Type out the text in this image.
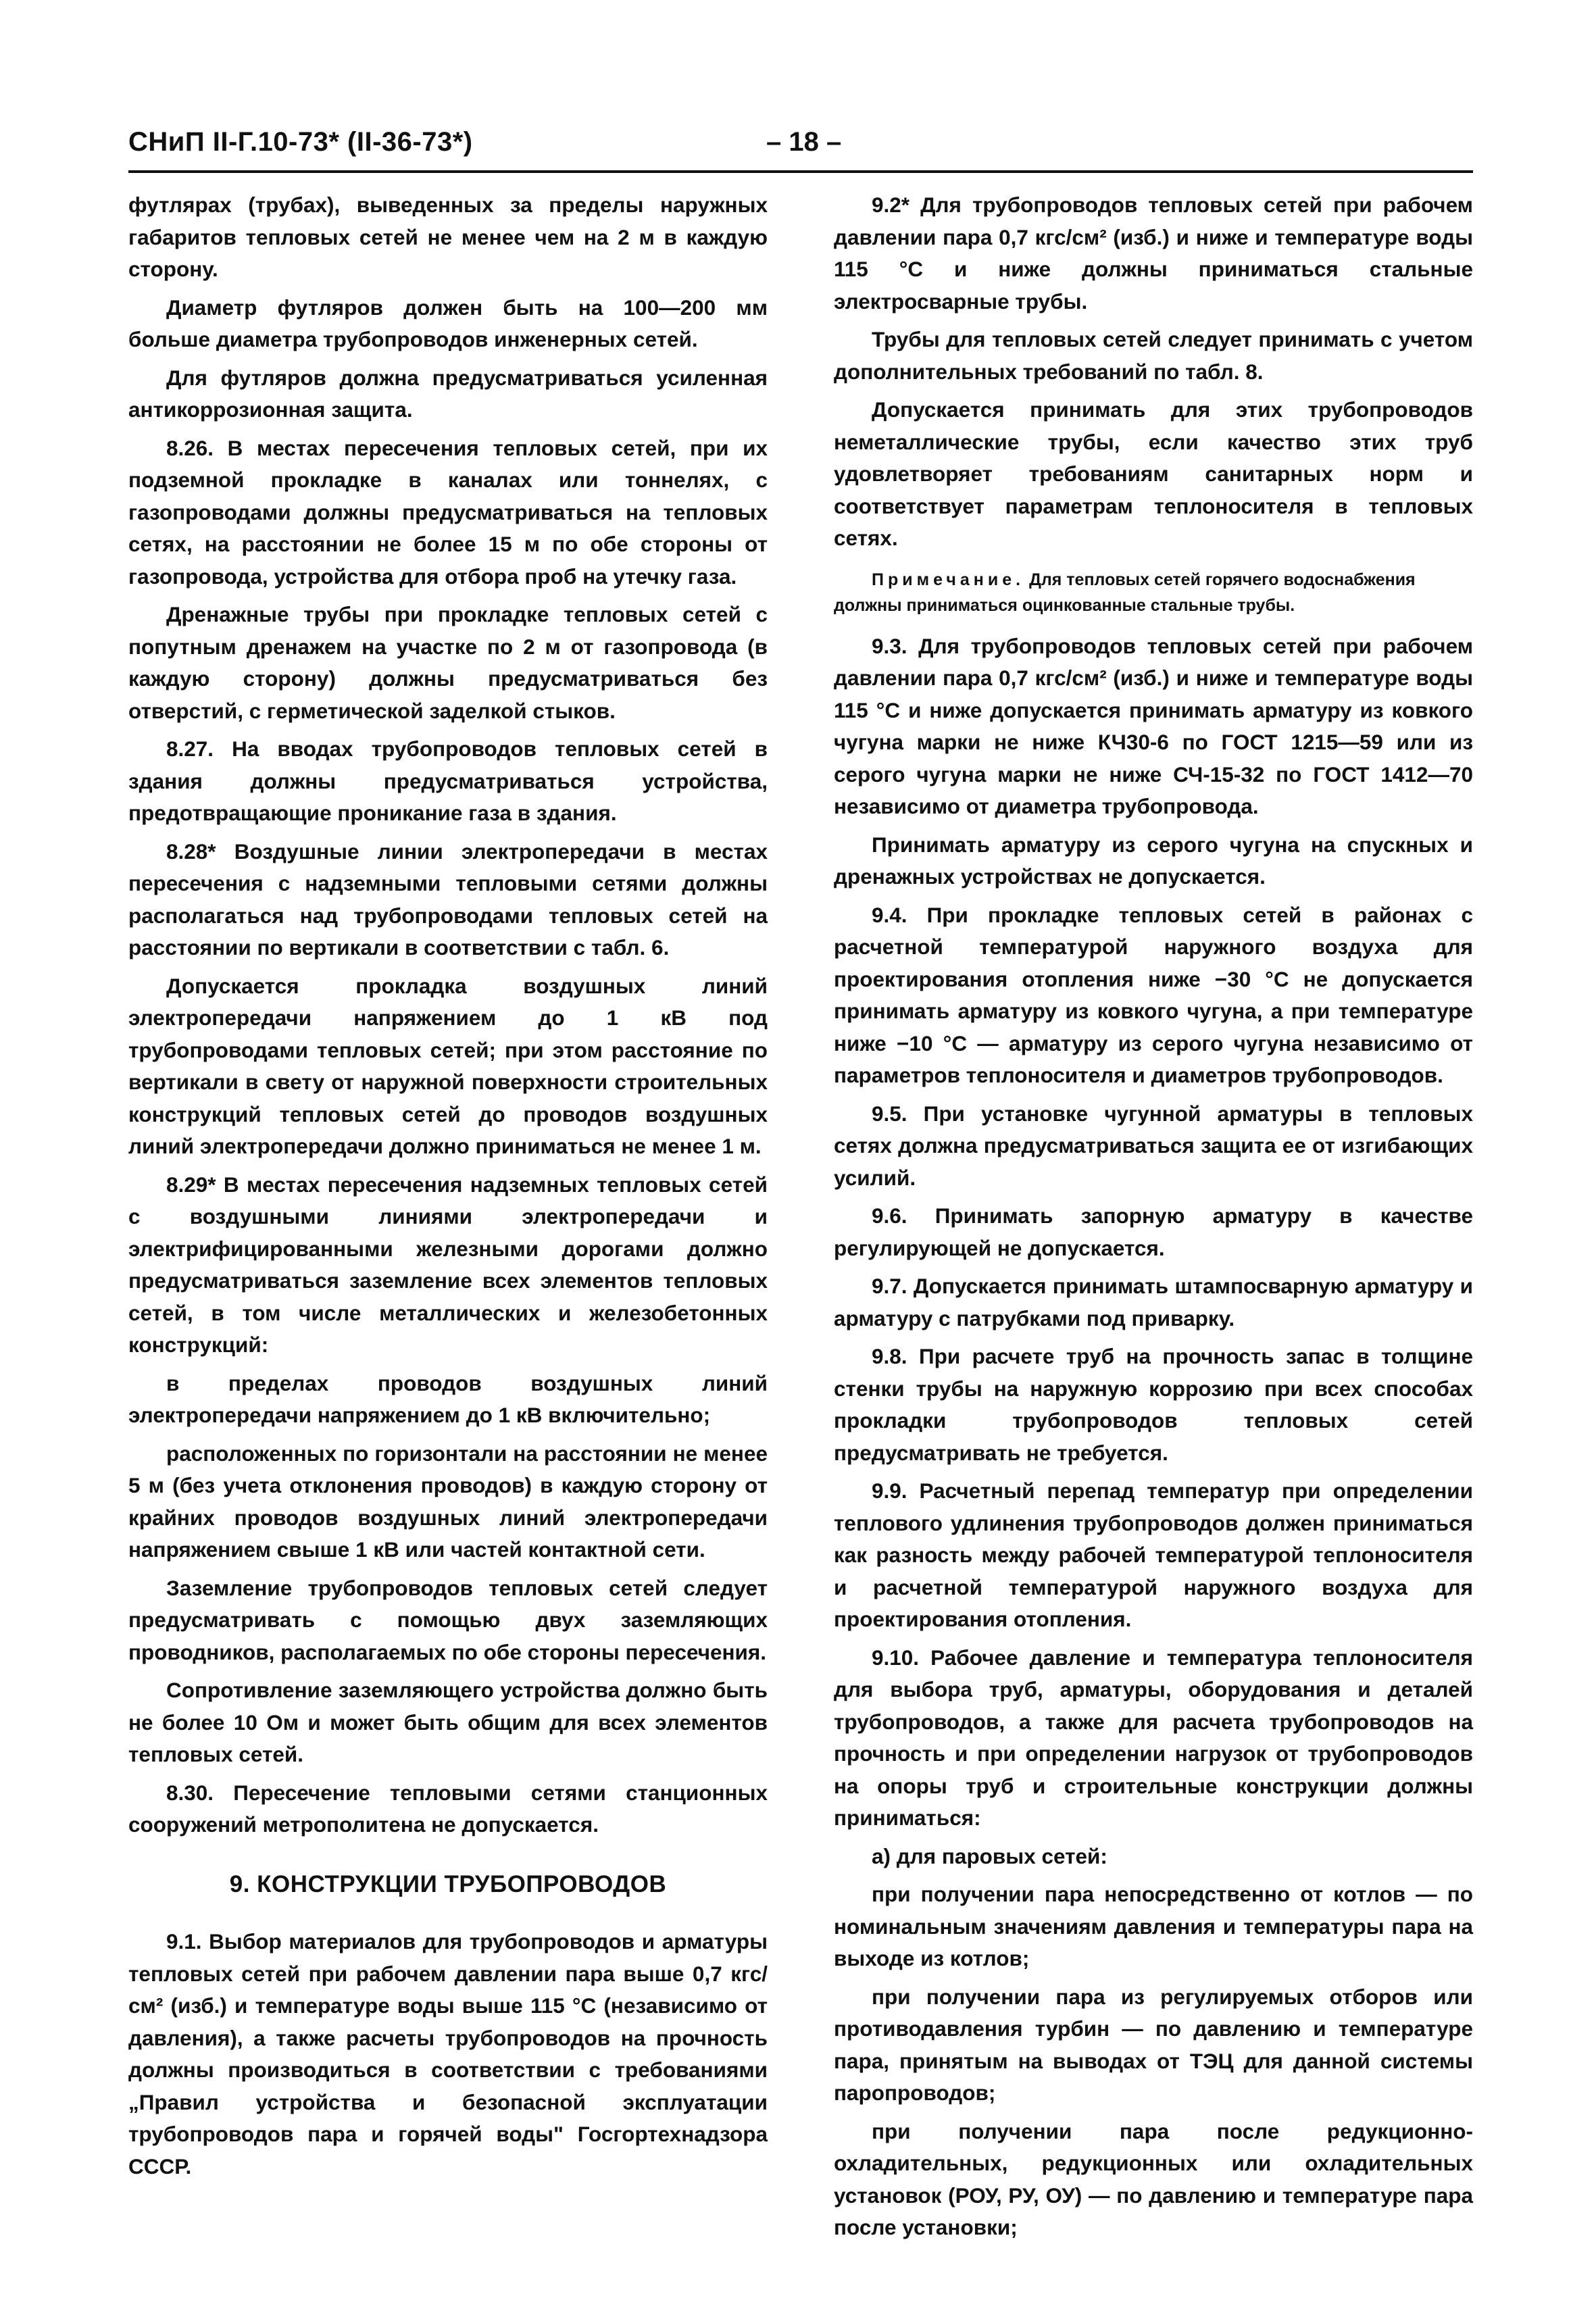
СНиП II-Г.10-73* (II-36-73*)	– 18 –

футлярах (трубах), выведенных за пределы наружных габаритов тепловых сетей не менее чем на 2 м в каждую сторону.

Диаметр футляров должен быть на 100—200 мм больше диаметра трубопроводов инженерных сетей.

Для футляров должна предусматриваться усиленная антикоррозионная защита.

8.26. В местах пересечения тепловых сетей, при их подземной прокладке в каналах или тоннелях, с газопроводами должны предусматриваться на тепловых сетях, на расстоянии не более 15 м по обе стороны от газопровода, устройства для отбора проб на утечку газа.

Дренажные трубы при прокладке тепловых сетей с попутным дренажем на участке по 2 м от газопровода (в каждую сторону) должны предусматриваться без отверстий, с герметической заделкой стыков.

8.27. На вводах трубопроводов тепловых сетей в здания должны предусматриваться устройства, предотвращающие проникание газа в здания.

8.28* Воздушные линии электропередачи в местах пересечения с надземными тепловыми сетями должны располагаться над трубопроводами тепловых сетей на расстоянии по вертикали в соответствии с табл. 6.

Допускается прокладка воздушных линий электропередачи напряжением до 1 кВ под трубопроводами тепловых сетей; при этом расстояние по вертикали в свету от наружной поверхности строительных конструкций тепловых сетей до проводов воздушных линий электропередачи должно приниматься не менее 1 м.

8.29* В местах пересечения надземных тепловых сетей с воздушными линиями электропередачи и электрифицированными железными дорогами должно предусматриваться заземление всех элементов тепловых сетей, в том числе металлических и железобетонных конструкций:

в пределах проводов воздушных линий электропередачи напряжением до 1 кВ включительно;

расположенных по горизонтали на расстоянии не менее 5 м (без учета отклонения проводов) в каждую сторону от крайних проводов воздушных линий электропередачи напряжением свыше 1 кВ или частей контактной сети.

Заземление трубопроводов тепловых сетей следует предусматривать с помощью двух заземляющих проводников, располагаемых по обе стороны пересечения.

Сопротивление заземляющего устройства должно быть не более 10 Ом и может быть общим для всех элементов тепловых сетей.

8.30. Пересечение тепловыми сетями станционных сооружений метрополитена не допускается.

9. КОНСТРУКЦИИ ТРУБОПРОВОДОВ

9.1. Выбор материалов для трубопроводов и арматуры тепловых сетей при рабочем давлении пара выше 0,7 кгс/см² (изб.) и температуре воды выше 115 °С (независимо от давления), а также расчеты трубопроводов на прочность должны производиться в соответствии с требованиями „Правил устройства и безопасной эксплуатации трубопроводов пара и горячей воды" Госгортехнадзора СССР.

9.2* Для трубопроводов тепловых сетей при рабочем давлении пара 0,7 кгс/см² (изб.) и ниже и температуре воды 115 °С и ниже должны приниматься стальные электросварные трубы.

Трубы для тепловых сетей следует принимать с учетом дополнительных требований по табл. 8.

Допускается принимать для этих трубопроводов неметаллические трубы, если качество этих труб удовлетворяет требованиям санитарных норм и соответствует параметрам теплоносителя в тепловых сетях.

Примечание. Для тепловых сетей горячего водоснабжения должны приниматься оцинкованные стальные трубы.

9.3. Для трубопроводов тепловых сетей при рабочем давлении пара 0,7 кгс/см² (изб.) и ниже и температуре воды 115 °С и ниже допускается принимать арматуру из ковкого чугуна марки не ниже КЧ30-6 по ГОСТ 1215—59 или из серого чугуна марки не ниже СЧ-15-32 по ГОСТ 1412—70 независимо от диаметра трубопровода.

Принимать арматуру из серого чугуна на спускных и дренажных устройствах не допускается.

9.4. При прокладке тепловых сетей в районах с расчетной температурой наружного воздуха для проектирования отопления ниже −30 °С не допускается принимать арматуру из ковкого чугуна, а при температуре ниже −10 °С — арматуру из серого чугуна независимо от параметров теплоносителя и диаметров трубопроводов.

9.5. При установке чугунной арматуры в тепловых сетях должна предусматриваться защита ее от изгибающих усилий.

9.6. Принимать запорную арматуру в качестве регулирующей не допускается.

9.7. Допускается принимать штампосварную арматуру и арматуру с патрубками под приварку.

9.8. При расчете труб на прочность запас в толщине стенки трубы на наружную коррозию при всех способах прокладки трубопроводов тепловых сетей предусматривать не требуется.

9.9. Расчетный перепад температур при определении теплового удлинения трубопроводов должен приниматься как разность между рабочей температурой теплоносителя и расчетной температурой наружного воздуха для проектирования отопления.

9.10. Рабочее давление и температура теплоносителя для выбора труб, арматуры, оборудования и деталей трубопроводов, а также для расчета трубопроводов на прочность и при определении нагрузок от трубопроводов на опоры труб и строительные конструкции должны приниматься:

а) для паровых сетей:

при получении пара непосредственно от котлов — по номинальным значениям давления и температуры пара на выходе из котлов;

при получении пара из регулируемых отборов или противодавления турбин — по давлению и температуре пара, принятым на выводах от ТЭЦ для данной системы паропроводов;

при получении пара после редукционно-охладительных, редукционных или охладительных установок (РОУ, РУ, ОУ) — по давлению и температуре пара после установки;
